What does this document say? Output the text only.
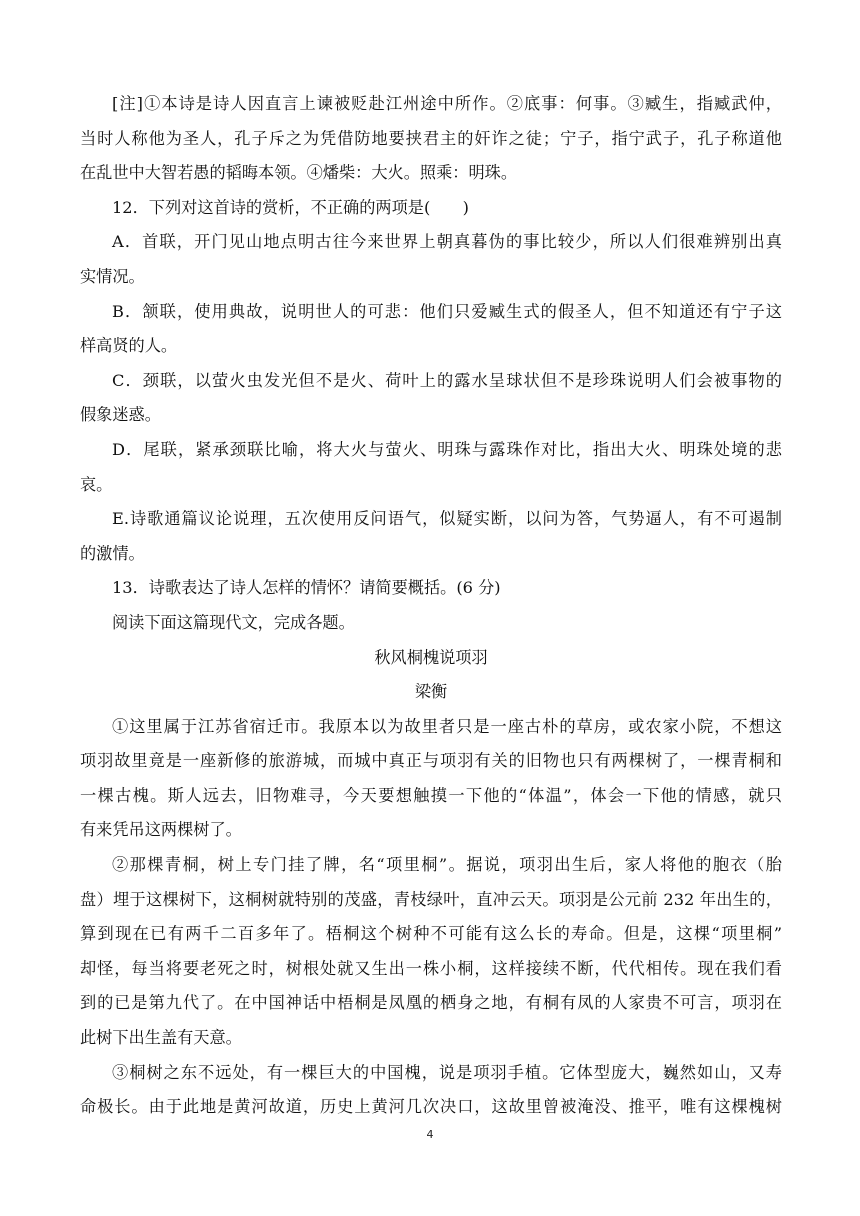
[注]①本诗是诗人因直言上谏被贬赴江州途中所作。②底事：何事。③臧生，指臧武仲，
当时人称他为圣人，孔子斥之为凭借防地要挟君主的奸诈之徒；宁子，指宁武子，孔子称道他
在乱世中大智若愚的韬晦本领。④燔柴：大火。照乘：明珠。
12．下列对这首诗的赏析，不正确的两项是(　　)
A．首联，开门见山地点明古往今来世界上朝真暮伪的事比较少，所以人们很难辨别出真
实情况。
B．颔联，使用典故，说明世人的可悲：他们只爱臧生式的假圣人，但不知道还有宁子这
样高贤的人。
C．颈联，以萤火虫发光但不是火、荷叶上的露水呈球状但不是珍珠说明人们会被事物的
假象迷惑。
D．尾联，紧承颈联比喻，将大火与萤火、明珠与露珠作对比，指出大火、明珠处境的悲
哀。
E.诗歌通篇议论说理，五次使用反问语气，似疑实断，以问为答，气势逼人，有不可遏制
的激情。
13．诗歌表达了诗人怎样的情怀？请简要概括。(6 分)
阅读下面这篇现代文，完成各题。
秋风桐槐说项羽
梁衡
①这里属于江苏省宿迁市。我原本以为故里者只是一座古朴的草房，或农家小院，不想这
项羽故里竟是一座新修的旅游城，而城中真正与项羽有关的旧物也只有两棵树了，一棵青桐和
一棵古槐。斯人远去，旧物难寻，今天要想触摸一下他的“体温”，体会一下他的情感，就只
有来凭吊这两棵树了。
②那棵青桐，树上专门挂了牌，名“项里桐”。据说，项羽出生后，家人将他的胞衣（胎
盘）埋于这棵树下，这桐树就特别的茂盛，青枝绿叶，直冲云天。项羽是公元前 232 年出生的，
算到现在已有两千二百多年了。梧桐这个树种不可能有这么长的寿命。但是，这棵“项里桐”
却怪，每当将要老死之时，树根处就又生出一株小桐，这样接续不断，代代相传。现在我们看
到的已是第九代了。在中国神话中梧桐是凤凰的栖身之地，有桐有凤的人家贵不可言，项羽在
此树下出生盖有天意。
③桐树之东不远处，有一棵巨大的中国槐，说是项羽手植。它体型庞大，巍然如山，又寿
命极长。由于此地是黄河故道，历史上黄河几次决口，这故里曾被淹没、推平，唯有这棵槐树
4
